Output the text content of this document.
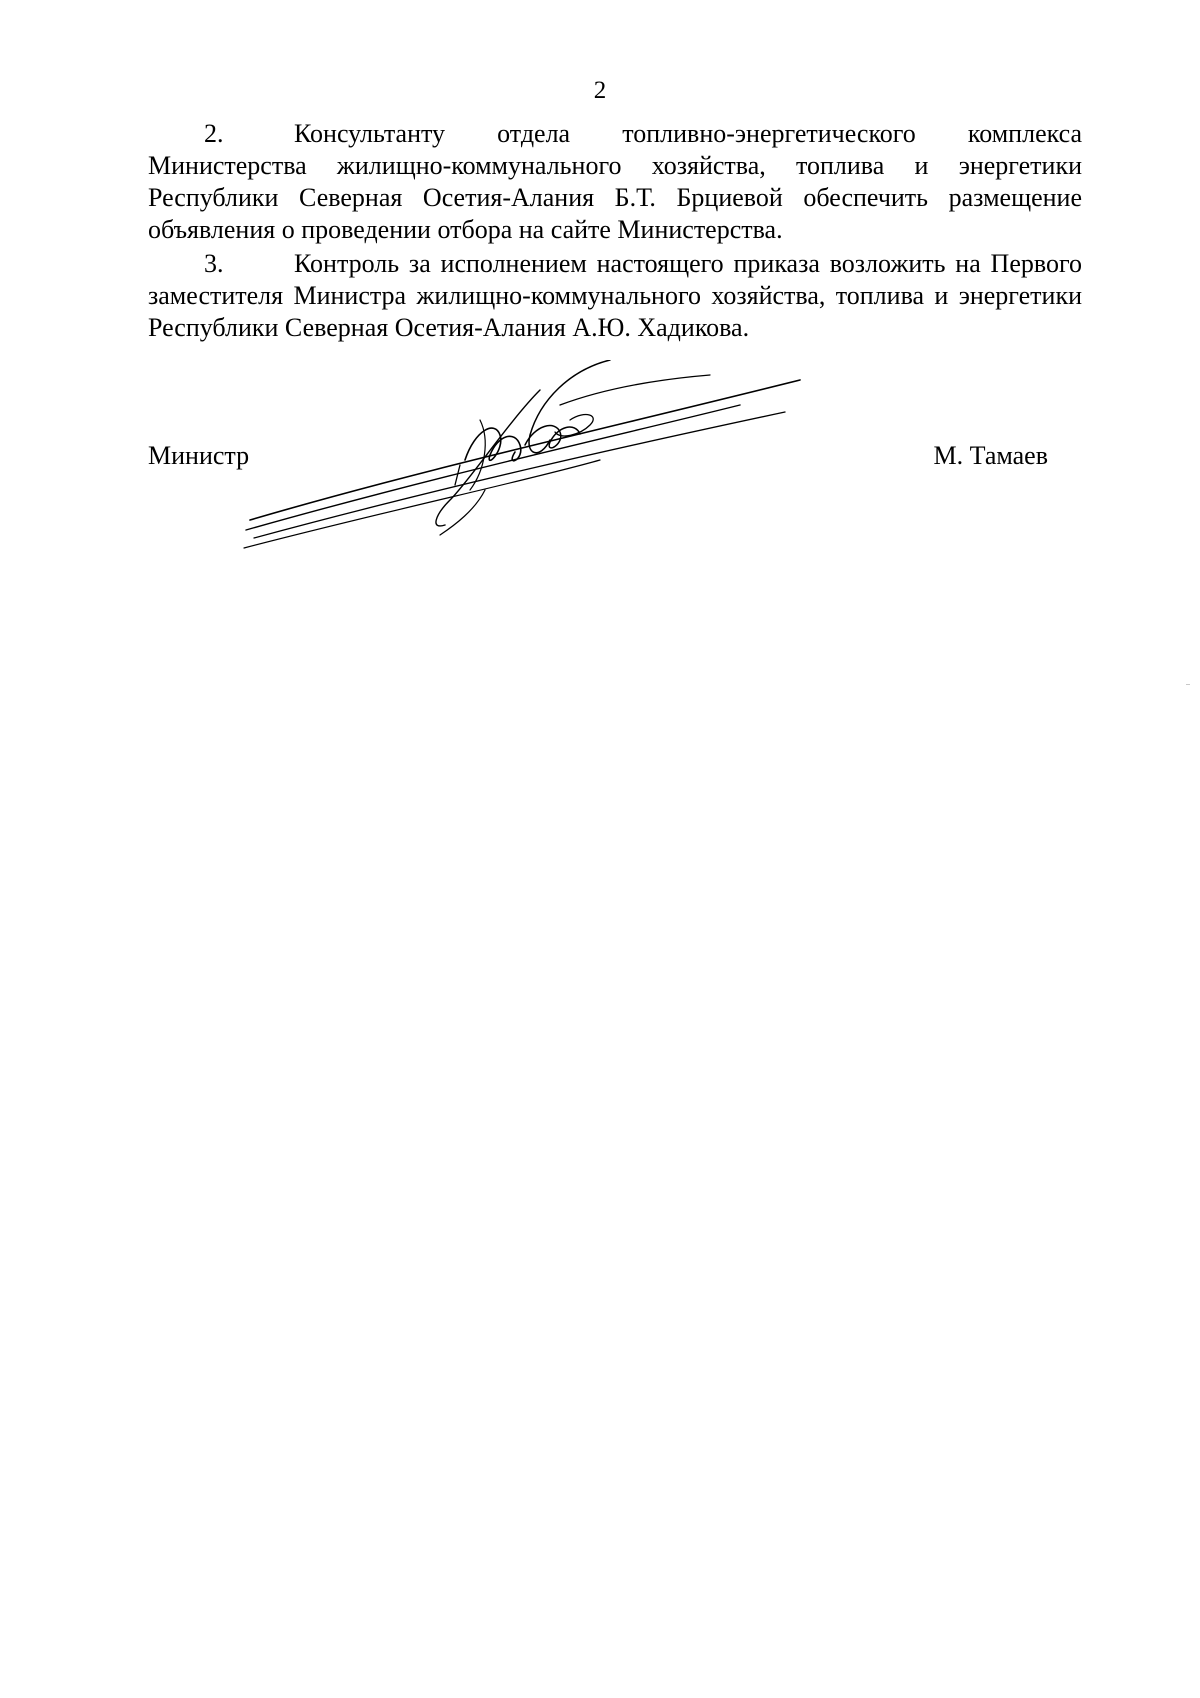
2

2.	Консультанту отдела топливно-энергетического комплекса Министерства жилищно-коммунального хозяйства, топлива и энергетики Республики Северная Осетия-Алания Б.Т. Брциевой обеспечить размещение объявления о проведении отбора на сайте Министерства.

3.	Контроль за исполнением настоящего приказа возложить на Первого заместителя Министра жилищно-коммунального хозяйства, топлива и энергетики Республики Северная Осетия-Алания А.Ю. Хадикова.

Министр	М. Тамаев
